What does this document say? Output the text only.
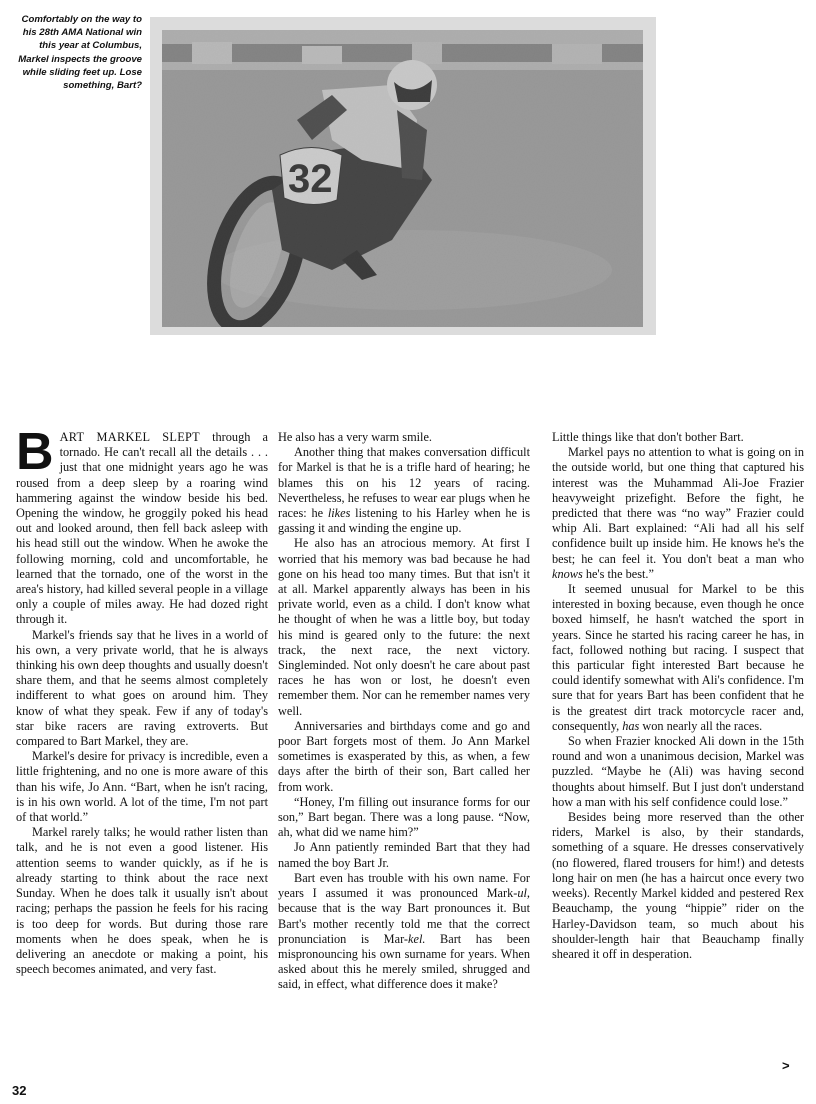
Comfortably on the way to his 28th AMA National win this year at Columbus, Markel inspects the groove while sliding feet up. Lose something, Bart?
32

BART MARKEL SLEPT through a tornado. He can't recall all the details . . . just that one midnight years ago he was roused from a deep sleep by a roaring wind hammering against the window beside his bed. Opening the window, he groggily poked his head out and looked around, then fell back asleep with his head still out the window. When he awoke the following morning, cold and uncomfortable, he learned that the tornado, one of the worst in the area's history, had killed several people in a village only a couple of miles away. He had dozed right through it.

Markel's friends say that he lives in a world of his own, a very private world, that he is always thinking his own deep thoughts and usually doesn't share them, and that he seems almost completely indifferent to what goes on around him. They know of what they speak. Few if any of today's star bike racers are raving extroverts. But compared to Bart Markel, they are.

Markel's desire for privacy is incredible, even a little frightening, and no one is more aware of this than his wife, Jo Ann. “Bart, when he isn't racing, is in his own world. A lot of the time, I'm not part of that world.”

Markel rarely talks; he would rather listen than talk, and he is not even a good listener. His attention seems to wander quickly, as if he is already starting to think about the race next Sunday. When he does talk it usually isn't about racing; perhaps the passion he feels for his racing is too deep for words. But during those rare moments when he does speak, when he is delivering an anecdote or making a point, his speech becomes animated, and very fast.

He also has a very warm smile.

Another thing that makes conversation difficult for Markel is that he is a trifle hard of hearing; he blames this on his 12 years of racing. Nevertheless, he refuses to wear ear plugs when he races: he likes listening to his Harley when he is gassing it and winding the engine up.

He also has an atrocious memory. At first I worried that his memory was bad because he had gone on his head too many times. But that isn't it at all. Markel apparently always has been in his private world, even as a child. I don't know what he thought of when he was a little boy, but today his mind is geared only to the future: the next track, the next race, the next victory. Singleminded. Not only doesn't he care about past races he has won or lost, he doesn't even remember them. Nor can he remember names very well.

Anniversaries and birthdays come and go and poor Bart forgets most of them. Jo Ann Markel sometimes is exasperated by this, as when, a few days after the birth of their son, Bart called her from work.

“Honey, I'm filling out insurance forms for our son,” Bart began. There was a long pause. “Now, ah, what did we name him?”

Jo Ann patiently reminded Bart that they had named the boy Bart Jr.

Bart even has trouble with his own name. For years I assumed it was pronounced Mark-ul, because that is the way Bart pronounces it. But Bart's mother recently told me that the correct pronunciation is Mar-kel. Bart has been mispronouncing his own surname for years. When asked about this he merely smiled, shrugged and said, in effect, what difference does it make?

Little things like that don't bother Bart.

Markel pays no attention to what is going on in the outside world, but one thing that captured his interest was the Muhammad Ali-Joe Frazier heavyweight prizefight. Before the fight, he predicted that there was “no way” Frazier could whip Ali. Bart explained: “Ali had all his self confidence built up inside him. He knows he's the best; he can feel it. You don't beat a man who knows he's the best.”

It seemed unusual for Markel to be this interested in boxing because, even though he once boxed himself, he hasn't watched the sport in years. Since he started his racing career he has, in fact, followed nothing but racing. I suspect that this particular fight interested Bart because he could identify somewhat with Ali's confidence. I'm sure that for years Bart has been confident that he is the greatest dirt track motorcycle racer and, consequently, has won nearly all the races.

So when Frazier knocked Ali down in the 15th round and won a unanimous decision, Markel was puzzled. “Maybe he (Ali) was having second thoughts about himself. But I just don't understand how a man with his self confidence could lose.”

Besides being more reserved than the other riders, Markel is also, by their standards, something of a square. He dresses conservatively (no flowered, flared trousers for him!) and detests long hair on men (he has a haircut once every two weeks). Recently Markel kidded and pestered Rex Beauchamp, the young “hippie” rider on the Harley-Davidson team, so much about his shoulder-length hair that Beauchamp finally sheared it off in desperation.

32
>
